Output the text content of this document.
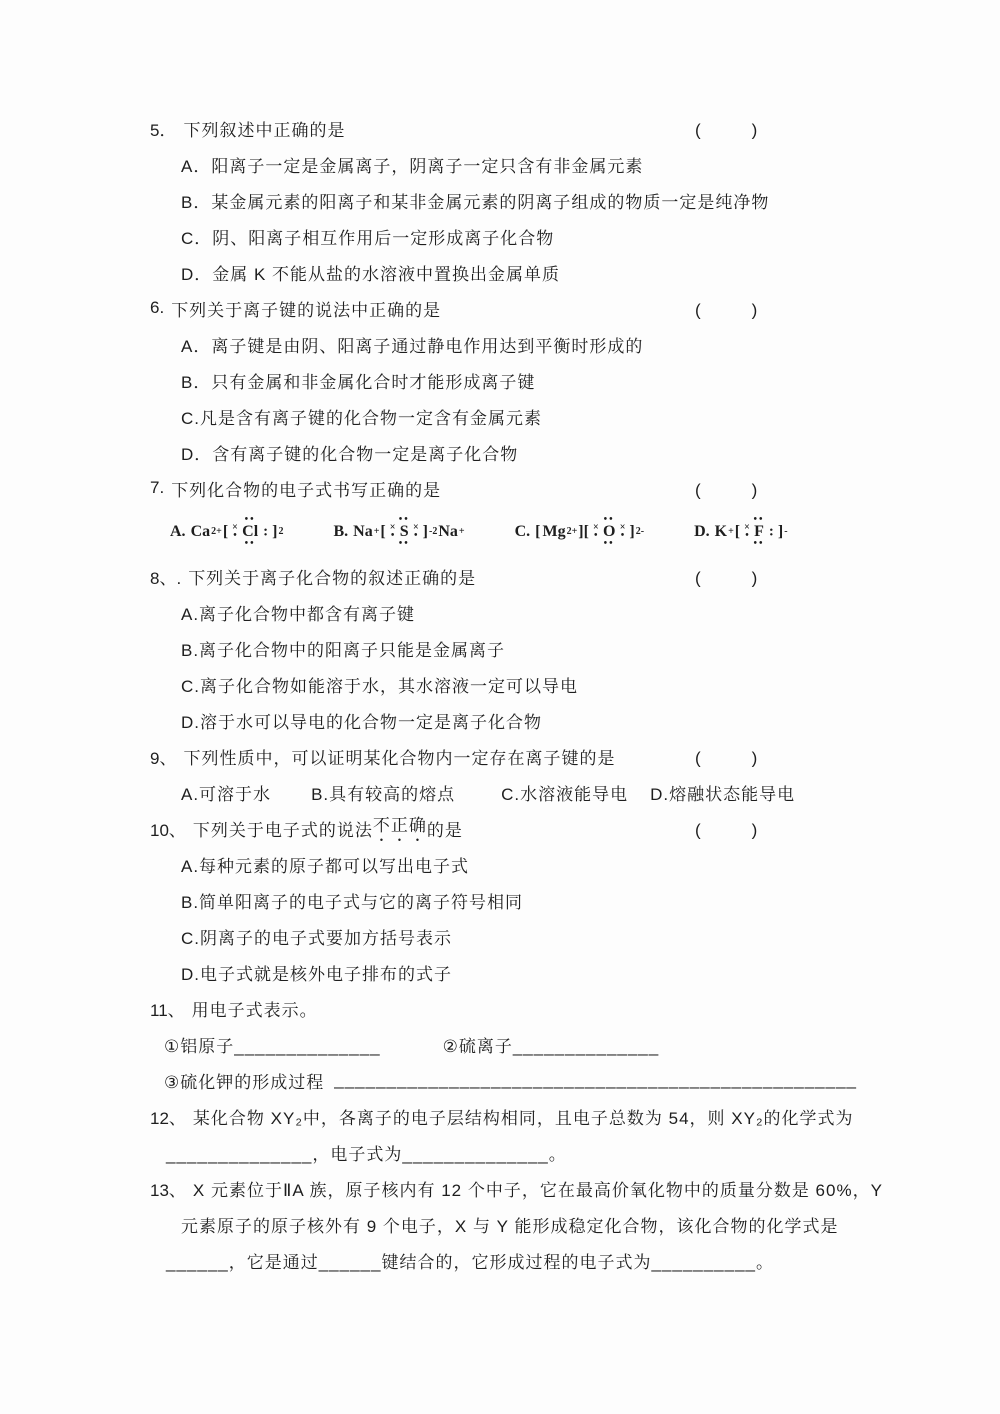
5． 下列叙述中正确的是	(　　　)
A．阳离子一定是金属离子，阴离子一定只含有非金属元素
B．某金属元素的阳离子和某非金属元素的阴离子组成的物质一定是纯净物
C．阴、阳离子相互作用后一定形成离子化合物
D．金属 K 不能从盐的水溶液中置换出金属单质
6. 下列关于离子键的说法中正确的是	(　　　)
A．离子键是由阴、阳离子通过静电作用达到平衡时形成的
B．只有金属和非金属化合时才能形成离子键
C.凡是含有离子键的化合物一定含有金属元素
D．含有离子键的化合物一定是离子化合物
7. 下列化合物的电子式书写正确的是	(　　　)
A. Ca 2+ [ Cl
••
••
×
• : ] 2	B. Na + [ S
••
••
×
•
×
• ] -2 Na +	C. [ Mg 2+ ][ O
••
••
×
•
×
• ] 2-	D. K + [ F
••
••
×
• : ] -
8、. 下列关于离子化合物的叙述正确的是	(　　　)
A.离子化合物中都含有离子键
B.离子化合物中的阳离子只能是金属离子
C.离子化合物如能溶于水，其水溶液一定可以导电
D.溶于水可以导电的化合物一定是离子化合物
9、 下列性质中，可以证明某化合物内一定存在离子键的是	(　　　)
A.可溶于水 B.具有较高的熔点	C.水溶液能导电 D.熔融状态能导电
10、 下列关于电子式的说法 不正确 的是	(　　　)
A.每种元素的原子都可以写出电子式
B.简单阳离子的电子式与它的离子符号相同
C.阴离子的电子式要加方括号表示
D.电子式就是核外电子排布的式子
11、 用电子式表示。
①铝原子______________	②硫离子______________
③硫化钾的形成过程 __________________________________________________
12、 某化合物 XY₂中，各离子的电子层结构相同，且电子总数为 54，则 XY₂的化学式为
______________，电子式为______________。
13、 X 元素位于ⅡA 族，原子核内有 12 个中子，它在最高价氧化物中的质量分数是 60%，Y
元素原子的原子核外有 9 个电子，X 与 Y 能形成稳定化合物，该化合物的化学式是
______，它是通过______键结合的，它形成过程的电子式为__________。
